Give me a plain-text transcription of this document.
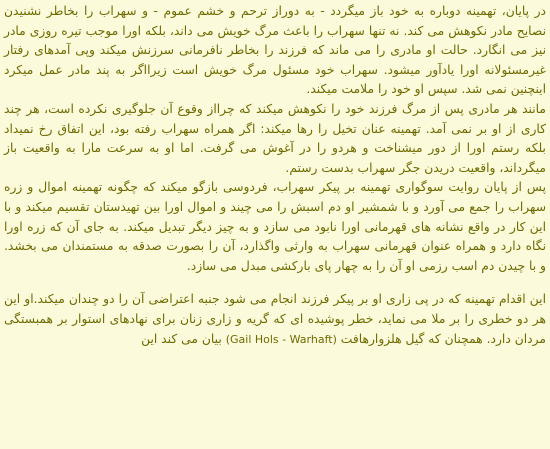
در پایان، تهمینه دوباره به خود باز میگردد - به دوراز ترحم و خشم عموم - و سهراب را بخاطر نشنیدن نصایح مادر نکوهش می کند. نه تنها سهراب را باعث مرگ خویش می داند، بلکه اورا موجب تیره روزی مادر نیز می انگارد. حالت او مادری را می ماند که فرزند را بخاطر نافرمانی سرزنش میکند وپی آمدهای رفتار غیرمسئولانه اورا یادآور میشود. سهراب خود مسئول مرگ خویش است زیرااگر به پند مادر عمل میکرد اینچنین نمی شد. سپس او خود را ملامت میکند.

مانند هر مادری پس از مرگ فرزند خود را نکوهش میکند که چرااز وقوع آن جلوگیری نکرده است، هر چند کاری از او بر نمی آمد. تهمینه عنان تخیل را رها میکند: اگر همراه سهراب رفته بود، این اتفاق رخ نمیداد بلکه رستم اورا از دور میشناخت و هردو را در آغوش می گرفت. اما او به سرعت مارا به واقعیت باز میگرداند، واقعیت دریدن جگر سهراب بدست رستم.

پس از پایان روایت سوگواری تهمینه بر پیکر سهراب، فردوسی بازگو میکند که چگونه تهمینه اموال و زره سهراب را جمع می آورد و با شمشیر او دم اسبش را می چیند و اموال اورا بین تهیدستان تقسیم میکند و با این کار در واقع نشانه های قهرمانی اورا نابود می سازد و به چیز دیگر تبدیل میکند. به جای آن که زره اورا نگاه دارد و همراه عنوان قهرمانی سهراب به وارثی واگذارد، آن را بصورت صدقه به مستمندان می بخشد. و با چیدن دم اسب رزمی او آن را به چهار پای بارکشی مبدل می سازد.

این اقدام تهمینه که در پی زاری او بر پیکر فرزند انجام می شود جنبه اعتراضی آن را دو چندان میکند.او این هر دو خطری را بر ملا می نماید، خطر پوشیده ای که گریه و زاری زنان برای نهادهای استوار بر همبستگی مردان دارد. همچنان که گیل هلزوارهافت (Gail Hols - Warhaft) بیان می کند این
